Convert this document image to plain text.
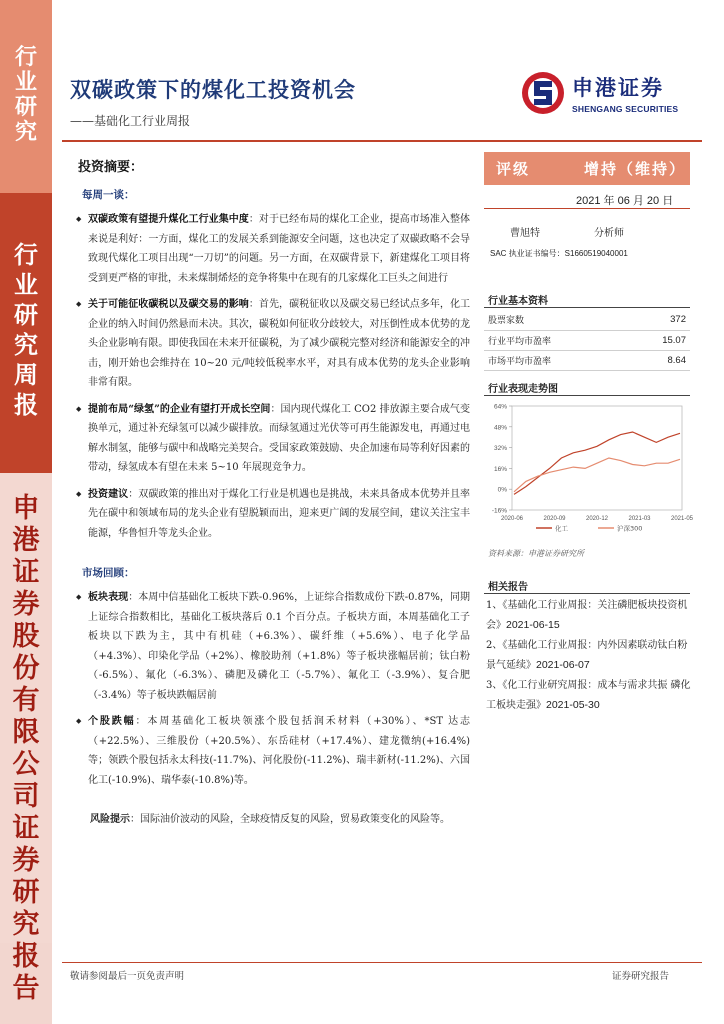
行
业
研
究
行
业
研
究
周
报
申
港
证
券
股
份
有
限
公
司
证
券
研
究
报
告
双碳政策下的煤化工投资机会
——基础化工行业周报
申港证券
SHENGANG SECURITIES
投资摘要：
每周一谈：
◆ 双碳政策有望提升煤化工行业集中度：对于已经布局的煤化工企业，提高市场准入整体来说是利好：一方面，煤化工的发展关系到能源安全问题，这也决定了双碳政略不会导致现代煤化工项目出现“一刀切”的问题。另一方面，在双碳背景下，新建煤化工项目将受到更严格的审批，未来煤制烯烃的竞争将集中在现有的几家煤化工巨头之间进行
◆ 关于可能征收碳税以及碳交易的影响：首先，碳税征收以及碳交易已经试点多年，化工企业的纳入时间仍然悬而未决。其次，碳税如何征收分歧较大，对压倒性成本优势的龙头企业影响有限。即使我国在未来开征碳税，为了减少碳税完整对经济和能源安全的冲击，刚开始也会维持在 10~20 元/吨较低税率水平，对具有成本优势的龙头企业影响非常有限。
◆ 提前布局“绿氢”的企业有望打开成长空间：国内现代煤化工 CO2 排放源主要合成气变换单元，通过补充绿氢可以减少碳排放。而绿氢通过光伏等可再生能源发电，再通过电解水制氢，能够与碳中和战略完美契合。受国家政策鼓励、央企加速布局等利好因素的带动，绿氢成本有望在未来 5~10 年展现竞争力。
◆ 投资建议：双碳政策的推出对于煤化工行业是机遇也是挑战，未来具备成本优势并且率先在碳中和领域布局的龙头企业有望脱颖而出，迎来更广阔的发展空间，建议关注宝丰能源，华鲁恒升等龙头企业。
市场回顾：
◆ 板块表现：本周中信基础化工板块下跌-0.96%，上证综合指数成份下跌-0.87%，同期上证综合指数相比，基础化工板块落后 0.1 个百分点。子板块方面，本周基础化工子板块以下跌为主，其中有机硅（+6.3%）、碳纤维（+5.6%）、电子化学品（+4.3%）、印染化学品（+2%）、橡胶助剂（+1.8%）等子板块涨幅居前；钛白粉（-6.5%）、氟化（-6.3%）、磷肥及磷化工（-5.7%）、氟化工（-3.9%）、复合肥（-3.4%）等子板块跌幅居前
◆ 个股跌幅：本周基础化工板块领涨个股包括润禾材料（+30%）、*ST 达志（+22.5%）、三维股份（+20.5%）、东岳硅材（+17.4%）、建龙微纳(+16.4%)等；领跌个股包括永太科技(-11.7%)、河化股份(-11.2%)、瑞丰新材(-11.2%)、六国化工(-10.9%)、瑞华泰(-10.8%)等。
风险提示：国际油价波动的风险，全球疫情反复的风险，贸易政策变化的风险等。
评级	增持（维持）
2021 年 06 月 20 日
曹旭特	分析师
SAC 执业证书编号：S1660519040001
行业基本资料
股票家数	372
行业平均市盈率	15.07
市场平均市盈率	8.64
行业表现走势图
64%
48%
32%
16%
0%
-16%
2020-06	2020-09	2020-12	2021-03	2021-05
化工	沪深300
资料来源：申港证券研究所
相关报告
1、《基础化工行业周报：关注磷肥板块投资机会》2021-06-15
2、《基础化工行业周报：内外因素联动钛白粉景气延续》2021-06-07
3、《化工行业研究周报：成本与需求共振 磷化工板块走强》2021-05-30
敬请参阅最后一页免责声明	证券研究报告
